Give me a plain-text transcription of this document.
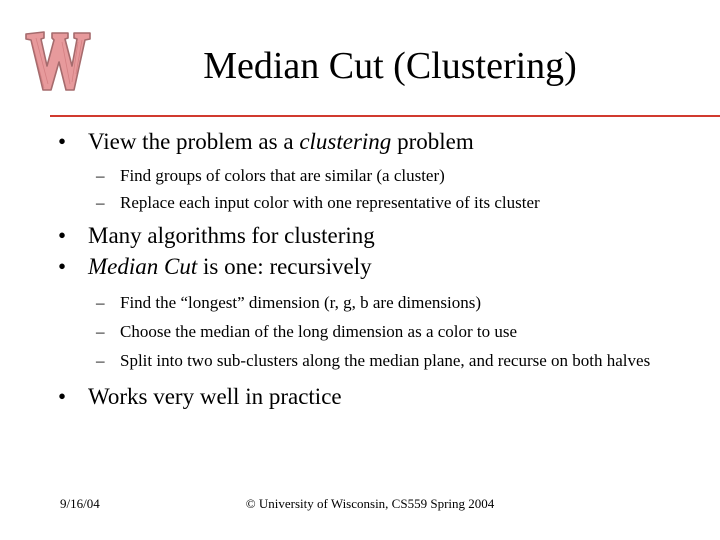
Median Cut (Clustering)
• View the problem as a clustering problem
– Find groups of colors that are similar (a cluster)
– Replace each input color with one representative of its cluster
• Many algorithms for clustering
• Median Cut is one: recursively
– Find the “longest” dimension (r, g, b are dimensions)
– Choose the median of the long dimension as a color to use
– Split into two sub-clusters along the median plane, and recurse on both halves
• Works very well in practice
9/16/04	© University of Wisconsin, CS559 Spring 2004
